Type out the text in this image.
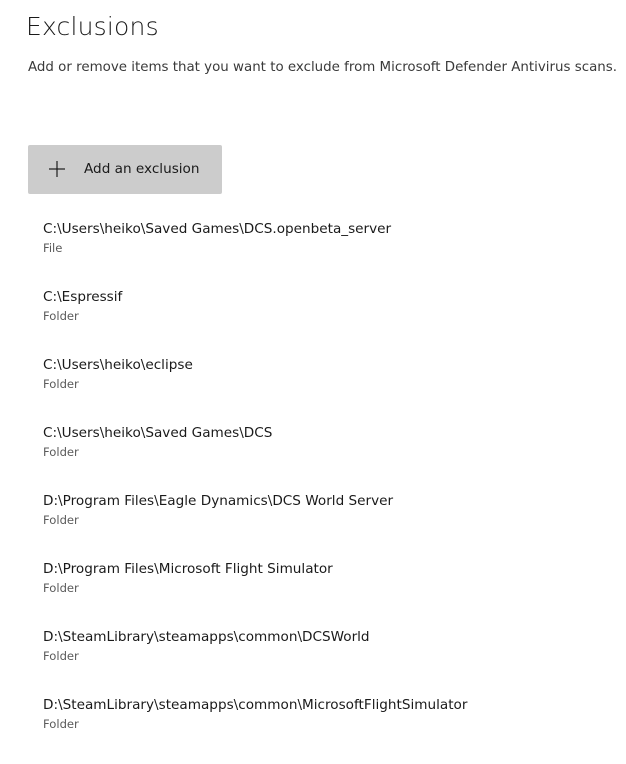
Exclusions
Add or remove items that you want to exclude from Microsoft Defender Antivirus scans.
Add an exclusion
C:\Users\heiko\Saved Games\DCS.openbeta_server
File
C:\Espressif
Folder
C:\Users\heiko\eclipse
Folder
C:\Users\heiko\Saved Games\DCS
Folder
D:\Program Files\Eagle Dynamics\DCS World Server
Folder
D:\Program Files\Microsoft Flight Simulator
Folder
D:\SteamLibrary\steamapps\common\DCSWorld
Folder
D:\SteamLibrary\steamapps\common\MicrosoftFlightSimulator
Folder
